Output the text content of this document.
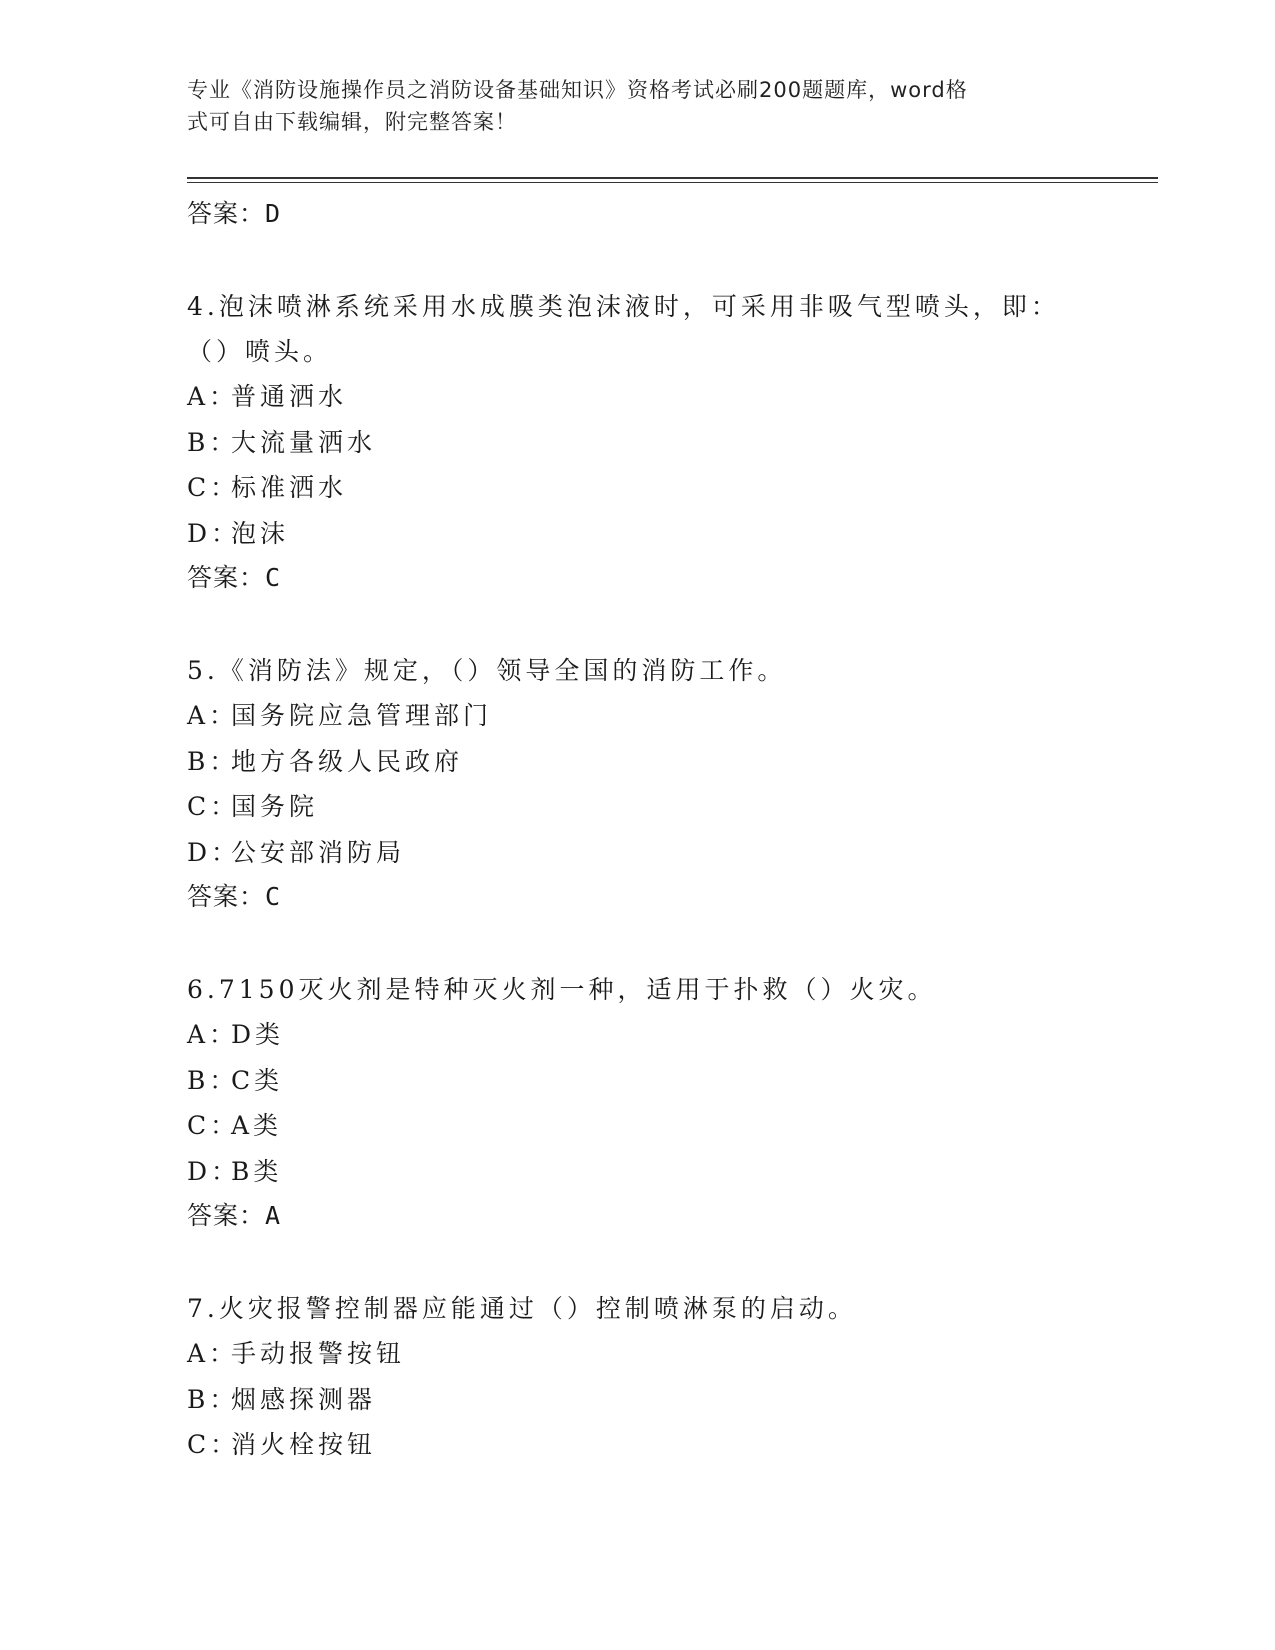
专业《消防设施操作员之消防设备基础知识》资格考试必刷200题题库，word格
式可自由下载编辑，附完整答案！
答案： D
4.泡沫喷淋系统采用水成膜类泡沫液时，可采用非吸气型喷头，即：
（）喷头。
A：普通洒水
B：大流量洒水
C：标准洒水
D：泡沫
答案： C
5.《消防法》规定，（）领导全国的消防工作。
A：国务院应急管理部门
B：地方各级人民政府
C：国务院
D：公安部消防局
答案： C
6.7150灭火剂是特种灭火剂一种，适用于扑救（）火灾。
A：D类
B：C类
C：A类
D：B类
答案： A
7.火灾报警控制器应能通过（）控制喷淋泵的启动。
A：手动报警按钮
B：烟感探测器
C：消火栓按钮
